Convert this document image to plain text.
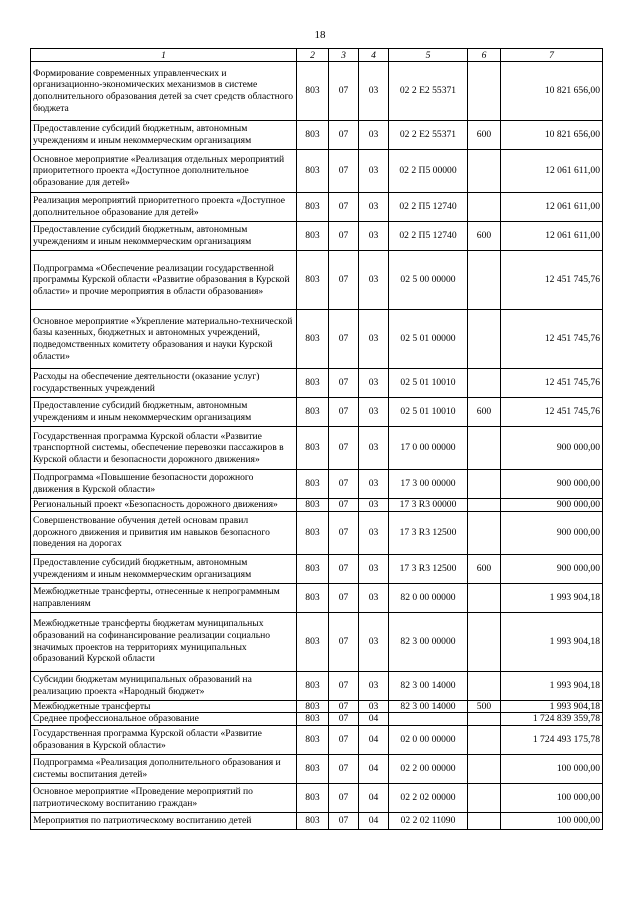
18
1	2	3	4	5	6	7
Формирование современных управленческих и организационно-экономических механизмов в системе дополнительного образования детей за счет средств областного бюджета	803	07	03	02 2 E2 55371		10 821 656,00
Предоставление субсидий бюджетным, автономным учреждениям и иным некоммерческим организациям	803	07	03	02 2 E2 55371	600	10 821 656,00
Основное мероприятие «Реализация отдельных мероприятий приоритетного проекта «Доступное дополнительное образование для детей»	803	07	03	02 2 П5 00000		12 061 611,00
Реализация мероприятий приоритетного проекта «Доступное дополнительное образование для детей»	803	07	03	02 2 П5 12740		12 061 611,00
Предоставление субсидий бюджетным, автономным учреждениям и иным некоммерческим организациям	803	07	03	02 2 П5 12740	600	12 061 611,00
Подпрограмма «Обеспечение реализации государственной программы Курской области «Развитие образования в Курской области» и прочие мероприятия в области образования»	803	07	03	02 5 00 00000		12 451 745,76
Основное мероприятие «Укрепление материально-технической базы казенных, бюджетных и автономных учреждений, подведомственных комитету образования и науки Курской области»	803	07	03	02 5 01 00000		12 451 745,76
Расходы на обеспечение деятельности (оказание услуг) государственных учреждений	803	07	03	02 5 01 10010		12 451 745,76
Предоставление субсидий бюджетным, автономным учреждениям и иным некоммерческим организациям	803	07	03	02 5 01 10010	600	12 451 745,76
Государственная программа Курской области «Развитие транспортной системы, обеспечение перевозки пассажиров в Курской области и безопасности дорожного движения»	803	07	03	17 0 00 00000		900 000,00
Подпрограмма «Повышение безопасности дорожного движения в Курской области»	803	07	03	17 3 00 00000		900 000,00
Региональный проект «Безопасность дорожного движения»	803	07	03	17 3 R3 00000		900 000,00
Совершенствование обучения детей основам правил дорожного движения и привития им навыков безопасного поведения на дорогах	803	07	03	17 3 R3 12500		900 000,00
Предоставление субсидий бюджетным, автономным учреждениям и иным некоммерческим организациям	803	07	03	17 3 R3 12500	600	900 000,00
Межбюджетные трансферты, отнесенные к непрограммным направлениям	803	07	03	82 0 00 00000		1 993 904,18
Межбюджетные трансферты бюджетам муниципальных образований на софинансирование реализации социально значимых проектов на территориях муниципальных образований Курской области	803	07	03	82 3 00 00000		1 993 904,18
Субсидии бюджетам муниципальных образований на реализацию проекта «Народный бюджет»	803	07	03	82 3 00 14000		1 993 904,18
Межбюджетные трансферты	803	07	03	82 3 00 14000	500	1 993 904,18
Среднее профессиональное образование	803	07	04			1 724 839 359,78
Государственная программа Курской области «Развитие образования в Курской области»	803	07	04	02 0 00 00000		1 724 493 175,78
Подпрограмма «Реализация дополнительного образования и системы воспитания детей»	803	07	04	02 2 00 00000		100 000,00
Основное мероприятие «Проведение мероприятий по патриотическому воспитанию граждан»	803	07	04	02 2 02 00000		100 000,00
Мероприятия по патриотическому воспитанию детей	803	07	04	02 2 02 11090		100 000,00
